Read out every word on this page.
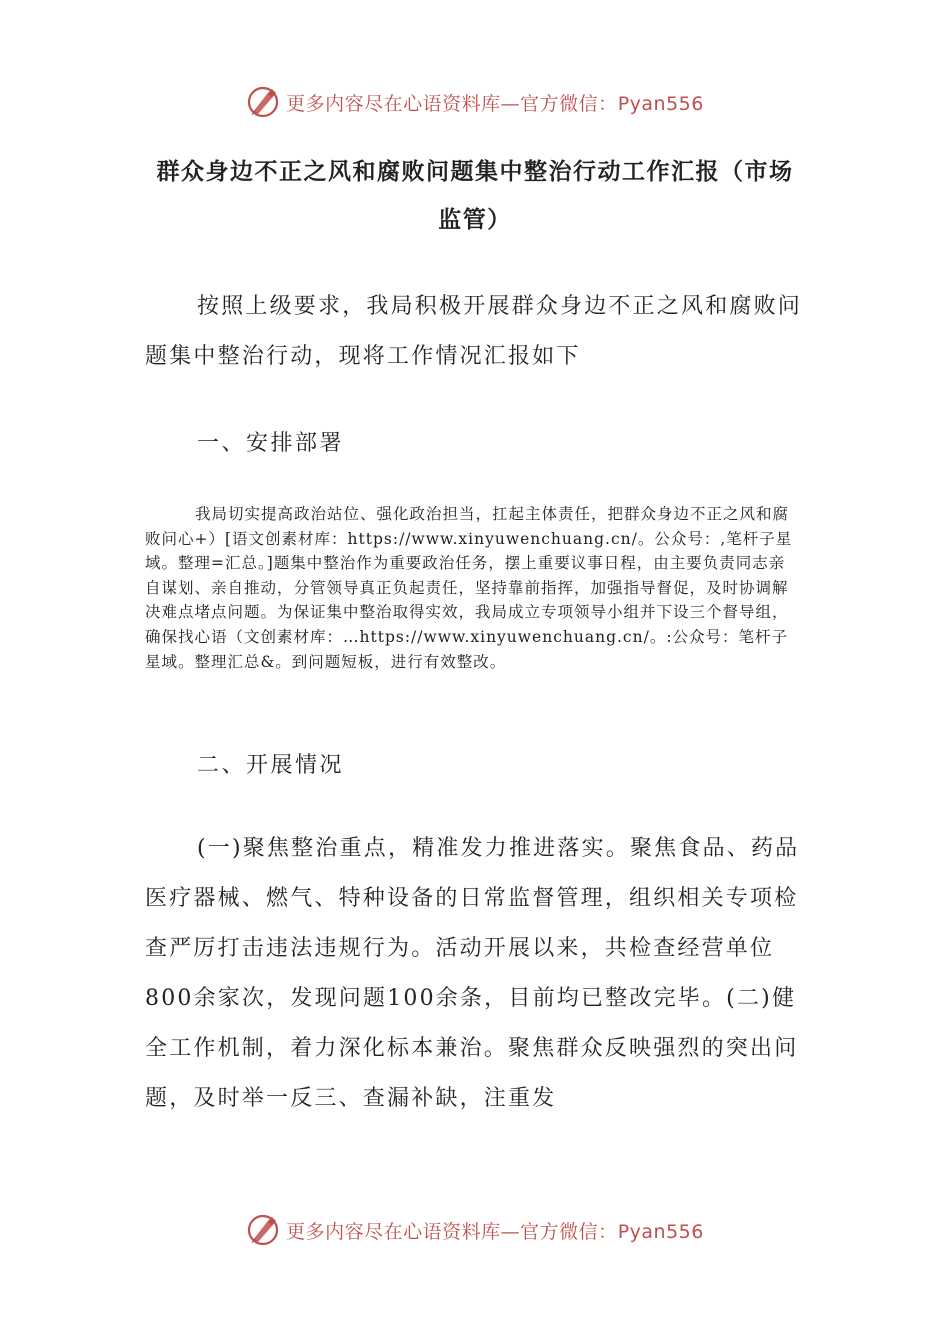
更多内容尽在心语资料库—官方微信：Pyan556
群众身边不正之风和腐败问题集中整治行动工作汇报（市场监管）

按照上级要求，我局积极开展群众身边不正之风和腐败问题集中整治行动，现将工作情况汇报如下

一、安排部署

我局切实提高政治站位、强化政治担当，扛起主体责任，把群众身边不正之风和腐败问心+）[语文创素材库：https://www.xinyuwenchuang.cn/。公众号：,笔杆子星域。整理=汇总。]题集中整治作为重要政治任务，摆上重要议事日程，由主要负责同志亲自谋划、亲自推动，分管领导真正负起责任，坚持靠前指挥，加强指导督促，及时协调解决难点堵点问题。为保证集中整治取得实效，我局成立专项领导小组并下设三个督导组，确保找心语（文创素材库：…https://www.xinyuwenchuang.cn/。:公众号：笔杆子星域。整理汇总&。到问题短板，进行有效整改。

二、开展情况

(一)聚焦整治重点，精准发力推进落实。聚焦食品、药品医疗器械、燃气、特种设备的日常监督管理，组织相关专项检查严厉打击违法违规行为。活动开展以来，共检查经营单位800余家次，发现问题100余条，目前均已整改完毕。(二)健全工作机制，着力深化标本兼治。聚焦群众反映强烈的突出问题，及时举一反三、查漏补缺，注重发

更多内容尽在心语资料库—官方微信：Pyan556
